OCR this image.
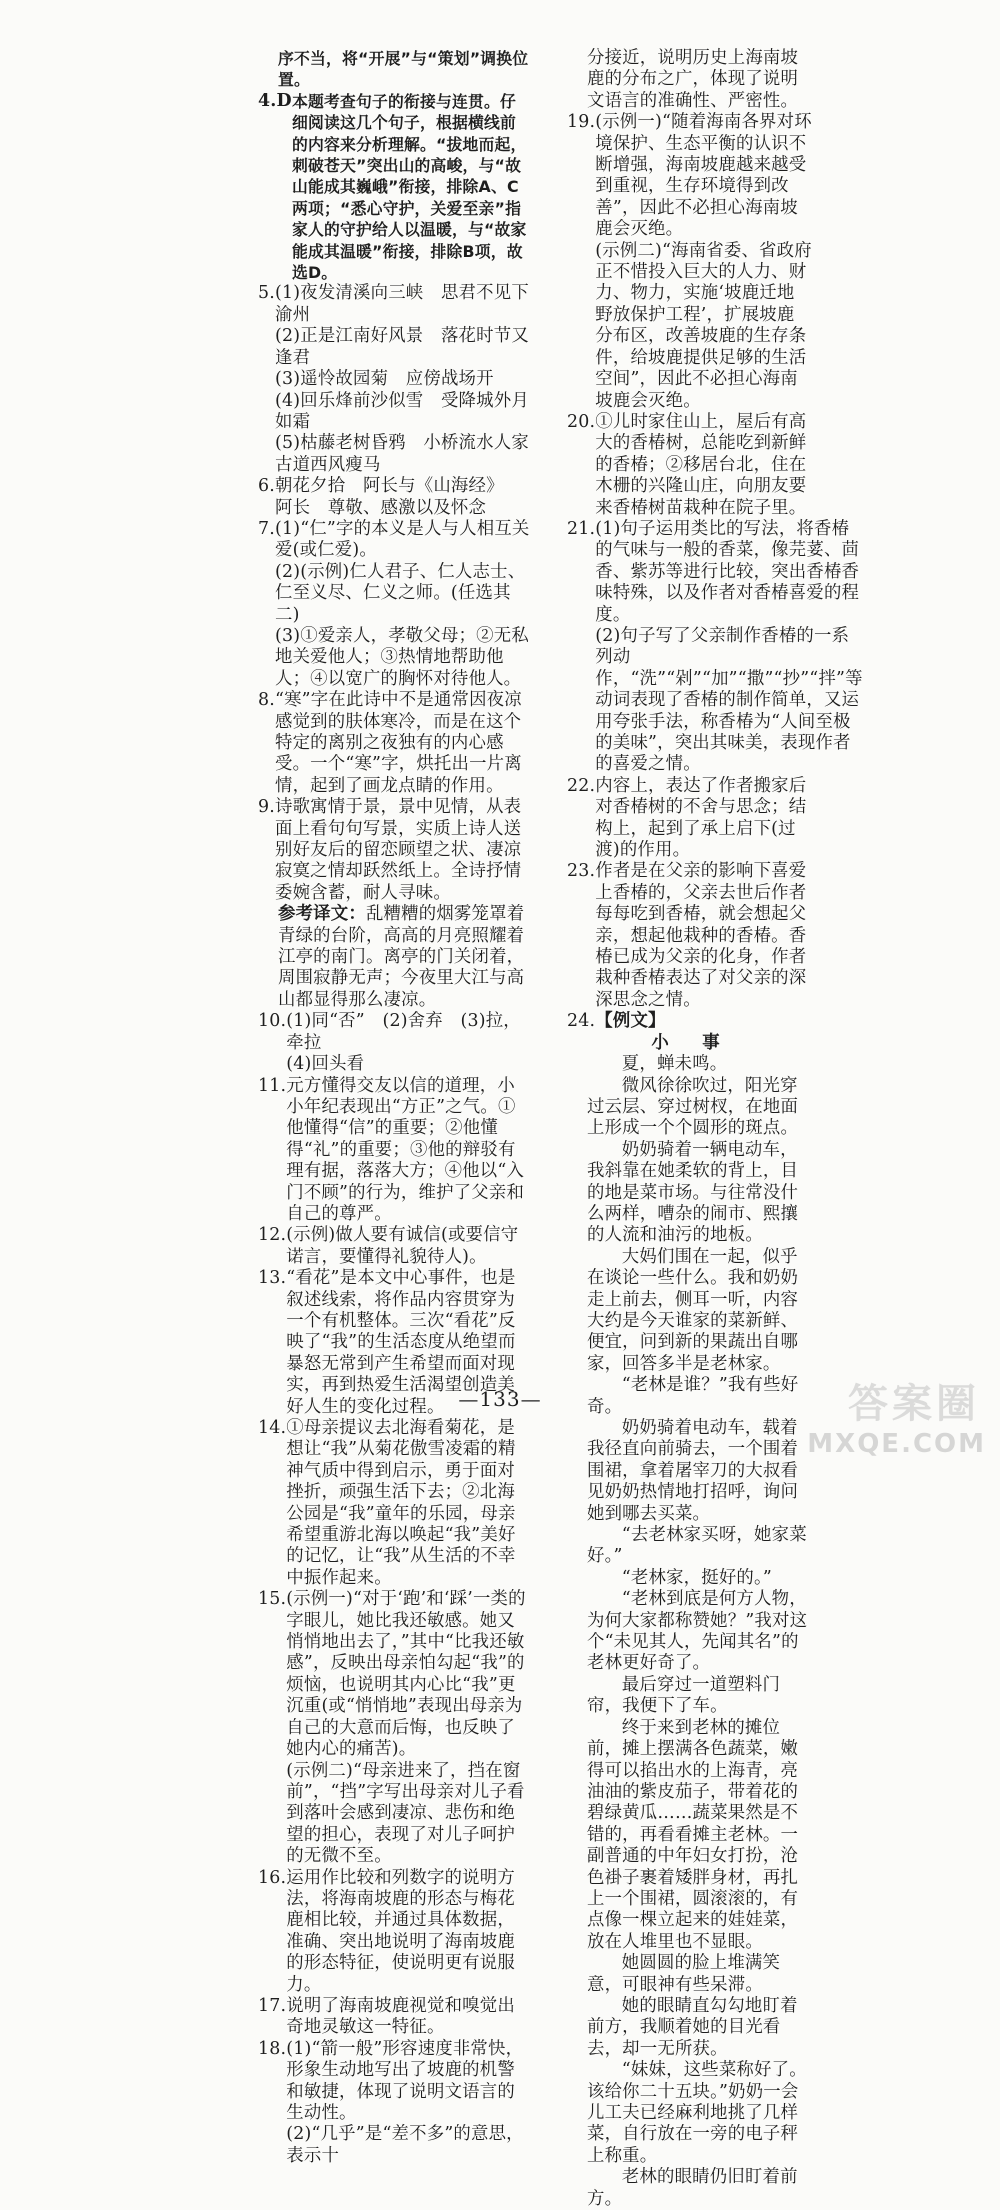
序不当，将“开展”与“策划”调换位置。
4.D 本题考查句子的衔接与连贯。仔细阅读这几个句子，根据横线前的内容来分析理解。“拔地而起，刺破苍天”突出山的高峻，与“故山能成其巍峨”衔接，排除A、C两项；“悉心守护，关爱至亲”指家人的守护给人以温暖，与“故家能成其温暖”衔接，排除B项，故选D。
5. (1)夜发清溪向三峡　思君不见下渝州
(2)正是江南好风景　落花时节又逢君
(3)遥怜故园菊　应傍战场开
(4)回乐烽前沙似雪　受降城外月如霜
(5)枯藤老树昏鸦　小桥流水人家　古道西风瘦马
6. 朝花夕拾　阿长与《山海经》　阿长　尊敬、感激以及怀念
7. (1)“仁”字的本义是人与人相互关爱(或仁爱)。
(2)(示例)仁人君子、仁人志士、仁至义尽、仁义之师。(任选其二)
(3)①爱亲人，孝敬父母；②无私地关爱他人；③热情地帮助他人；④以宽广的胸怀对待他人。
8. “寒”字在此诗中不是通常因夜凉感觉到的肤体寒冷，而是在这个特定的离别之夜独有的内心感受。一个“寒”字，烘托出一片离情，起到了画龙点睛的作用。
9. 诗歌寓情于景，景中见情，从表面上看句句写景，实质上诗人送别好友后的留恋顾望之状、凄凉寂寞之情却跃然纸上。全诗抒情委婉含蓄，耐人寻味。
参考译文：乱糟糟的烟雾笼罩着青绿的台阶，高高的月亮照耀着江亭的南门。离亭的门关闭着，周围寂静无声；今夜里大江与高山都显得那么凄凉。
10. (1)同“否”　(2)舍弃　(3)拉，牵拉
(4)回头看
11. 元方懂得交友以信的道理，小小年纪表现出“方正”之气。①他懂得“信”的重要；②他懂得“礼”的重要；③他的辩驳有理有据，落落大方；④他以“入门不顾”的行为，维护了父亲和自己的尊严。
12. (示例)做人要有诚信(或要信守诺言，要懂得礼貌待人)。
13. “看花”是本文中心事件，也是叙述线索，将作品内容贯穿为一个有机整体。三次“看花”反映了“我”的生活态度从绝望而暴怒无常到产生希望而面对现实，再到热爱生活渴望创造美好人生的变化过程。
14. ①母亲提议去北海看菊花，是想让“我”从菊花傲雪凌霜的精神气质中得到启示，勇于面对挫折，顽强生活下去；②北海公园是“我”童年的乐园，母亲希望重游北海以唤起“我”美好的记忆，让“我”从生活的不幸中振作起来。
15. (示例一)“对于‘跑’和‘踩’一类的字眼儿，她比我还敏感。她又悄悄地出去了，”其中“比我还敏感”，反映出母亲怕勾起“我”的烦恼，也说明其内心比“我”更沉重(或“悄悄地”表现出母亲为自己的大意而后悔，也反映了她内心的痛苦)。
(示例二)“母亲进来了，挡在窗前”，“挡”字写出母亲对儿子看到落叶会感到凄凉、悲伤和绝望的担心，表现了对儿子呵护的无微不至。
16. 运用作比较和列数字的说明方法，将海南坡鹿的形态与梅花鹿相比较，并通过具体数据，准确、突出地说明了海南坡鹿的形态特征，使说明更有说服力。
17. 说明了海南坡鹿视觉和嗅觉出奇地灵敏这一特征。
18. (1)“箭一般”形容速度非常快，形象生动地写出了坡鹿的机警和敏捷，体现了说明文语言的生动性。
(2)“几乎”是“差不多”的意思，表示十
分接近，说明历史上海南坡鹿的分布之广，体现了说明文语言的准确性、严密性。
19. (示例一)“随着海南各界对环境保护、生态平衡的认识不断增强，海南坡鹿越来越受到重视，生存环境得到改善”，因此不必担心海南坡鹿会灭绝。
(示例二)“海南省委、省政府正不惜投入巨大的人力、财力、物力，实施‘坡鹿迁地野放保护工程’，扩展坡鹿分布区，改善坡鹿的生存条件，给坡鹿提供足够的生活空间”，因此不必担心海南坡鹿会灭绝。
20. ①儿时家住山上，屋后有高大的香椿树，总能吃到新鲜的香椿；②移居台北，住在木栅的兴隆山庄，向朋友要来香椿树苗栽种在院子里。
21. (1)句子运用类比的写法，将香椿的气味与一般的香菜，像芫荽、茴香、紫苏等进行比较，突出香椿香味特殊，以及作者对香椿喜爱的程度。
(2)句子写了父亲制作香椿的一系列动作，“洗”“剁”“加”“撒”“抄”“拌”等动词表现了香椿的制作简单，又运用夸张手法，称香椿为“人间至极的美味”，突出其味美，表现作者的喜爱之情。
22. 内容上，表达了作者搬家后对香椿树的不舍与思念；结构上，起到了承上启下(过渡)的作用。
23. 作者是在父亲的影响下喜爱上香椿的，父亲去世后作者每每吃到香椿，就会想起父亲，想起他栽种的香椿。香椿已成为父亲的化身，作者栽种香椿表达了对父亲的深深思念之情。
24. 【例文】
小　事
夏，蝉未鸣。
微风徐徐吹过，阳光穿过云层、穿过树杈，在地面上形成一个个圆形的斑点。
奶奶骑着一辆电动车，我斜靠在她柔软的背上，目的地是菜市场。与往常没什么两样，嘈杂的闹市、熙攘的人流和油污的地板。
大妈们围在一起，似乎在谈论一些什么。我和奶奶走上前去，侧耳一听，内容大约是今天谁家的菜新鲜、便宜，问到新的果蔬出自哪家，回答多半是老林家。
“老林是谁？”我有些好奇。
奶奶骑着电动车，载着我径直向前骑去，一个围着围裙，拿着屠宰刀的大叔看见奶奶热情地打招呼，询问她到哪去买菜。
“去老林家买呀，她家菜好。”
“老林家，挺好的。”
“老林到底是何方人物，为何大家都称赞她？”我对这个“未见其人，先闻其名”的老林更好奇了。
最后穿过一道塑料门帘，我便下了车。
终于来到老林的摊位前，摊上摆满各色蔬菜，嫩得可以掐出水的上海青，亮油油的紫皮茄子，带着花的碧绿黄瓜……蔬菜果然是不错的，再看看摊主老林。一副普通的中年妇女打扮，沧色褂子裹着矮胖身材，再扎上一个围裙，圆滚滚的，有点像一棵立起来的娃娃菜，放在人堆里也不显眼。
她圆圆的脸上堆满笑意，可眼神有些呆滞。
她的眼睛直勾勾地盯着前方，我顺着她的目光看去，却一无所获。
“妹妹，这些菜称好了。该给你二十五块。”奶奶一会儿工夫已经麻利地挑了几样菜，自行放在一旁的电子秤上称重。
老林的眼睛仍旧盯着前方。
—133—	答案圈
MXQE.COM
